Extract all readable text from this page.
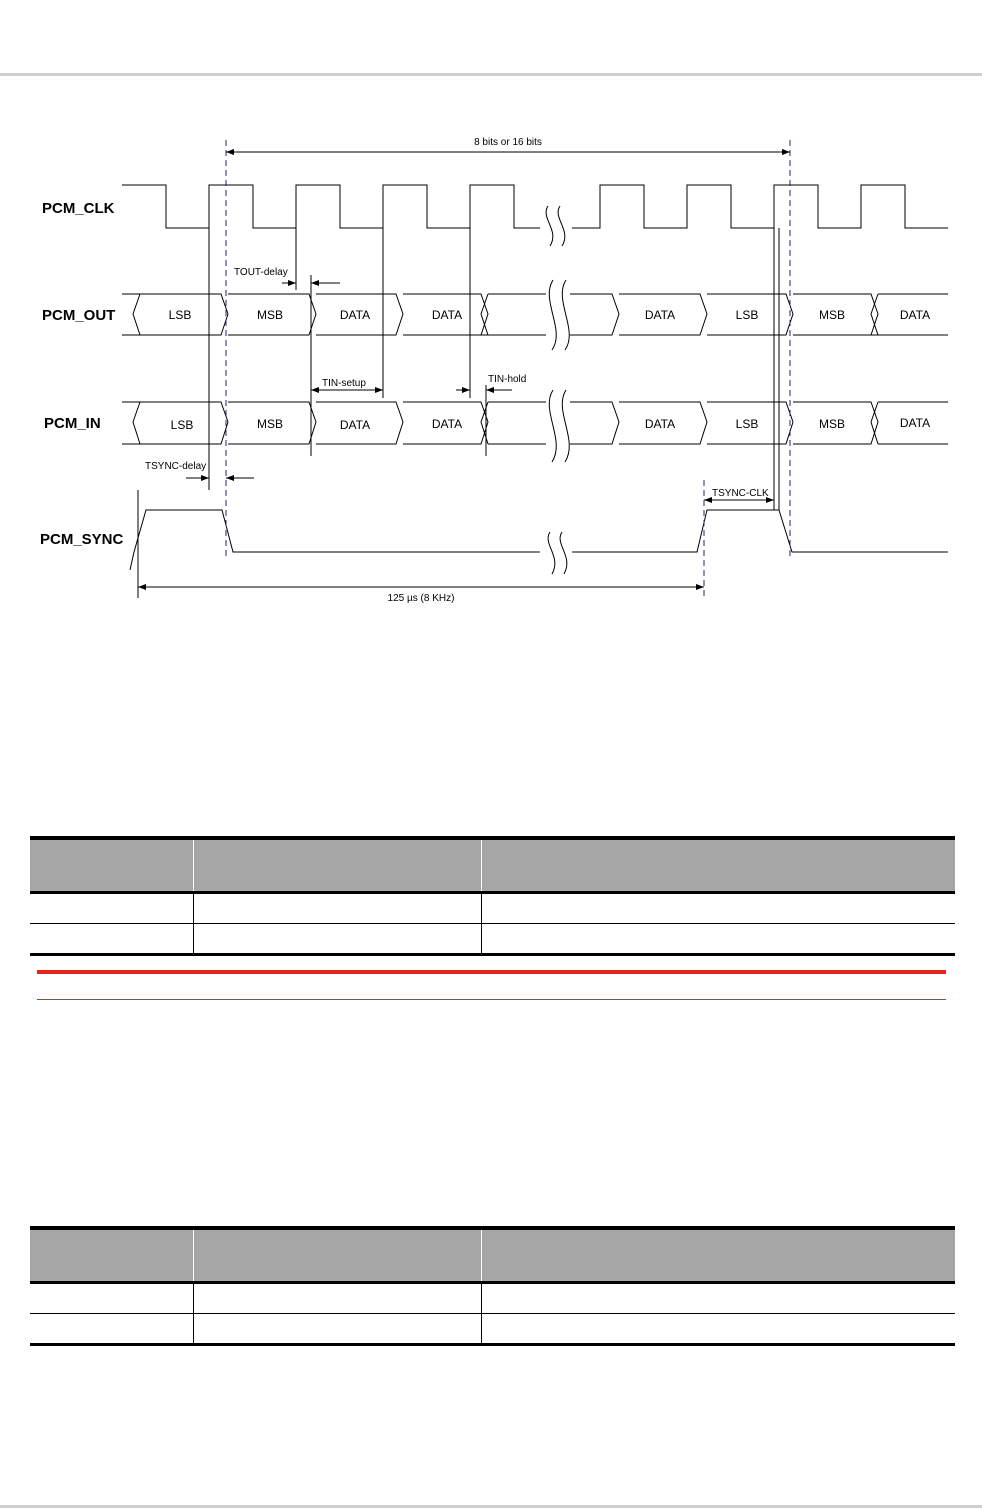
PCM_CLK
PCM_OUT
PCM_IN
PCM_SYNC
LSB	MSB	DATA	DATA	DATA	LSB	MSB	DATA
LSB	MSB	DATA	DATA	DATA	LSB	MSB	DATA
8 bits or 16 bits
TOUT-delay
TIN-setup	TIN-hold
TSYNC-delay
TSYNC-CLK
125 µs (8 KHz)
